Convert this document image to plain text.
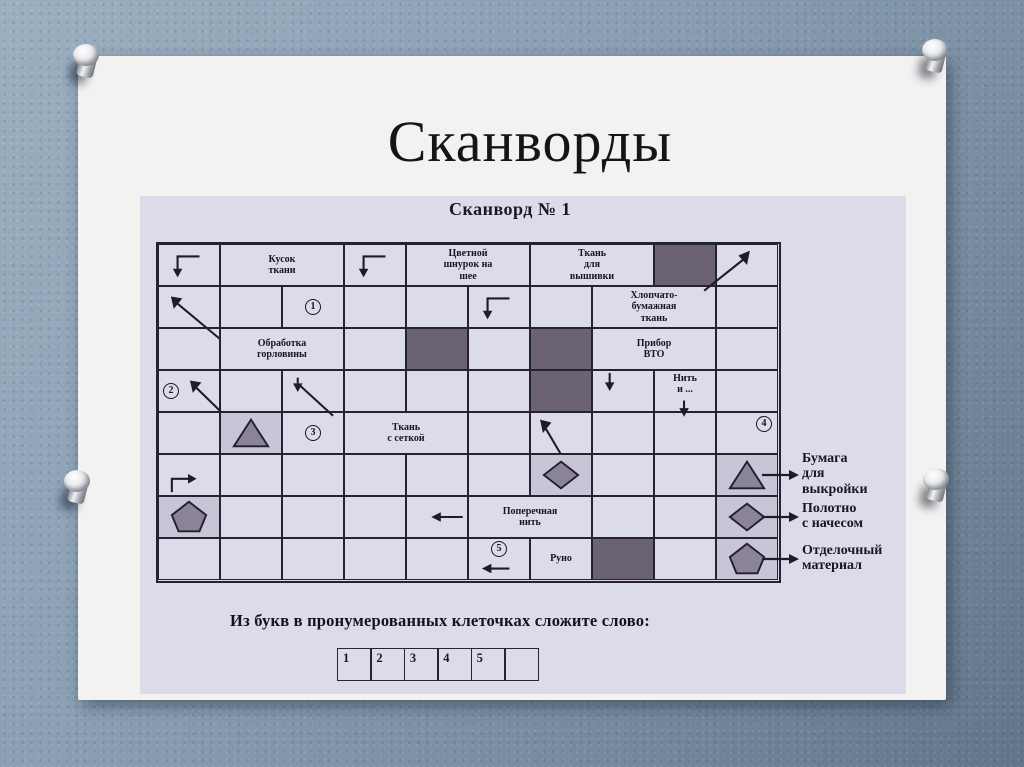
Сканворды
Сканворд № 1
Кусок
ткани
Цветной
шнурок на
шее
Ткань
для
вышивки
1
Хлопчато-
бумажная
ткань
Обработка
горловины
Прибор
ВТО
2
Нить
и ...
3	Ткань
с сеткой
4
Поперечная
нить
5
Руно
Бумага
для
выкройки
Полотно
с начесом
Отделочный
материал
Из букв в пронумерованных клеточках сложите слово:
1	2	3	4	5
